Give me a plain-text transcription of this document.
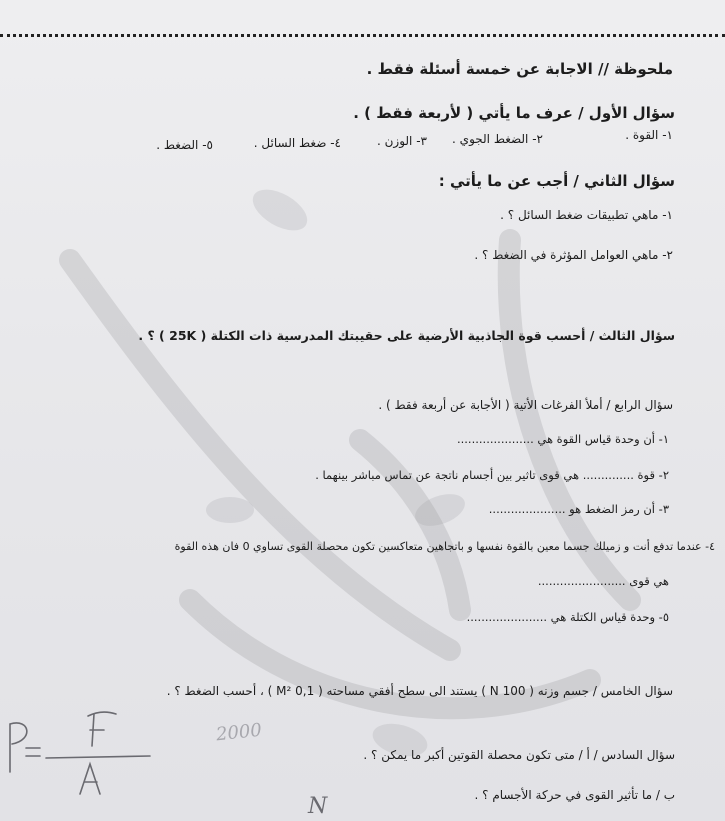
ملحوظة // الاجابة عن خمسة أسئلة فقط .
سؤال الأول / عرف ما يأتي ( لأربعة فقط ) .
١- القوة .
٢- الضغط الجوي .
٣- الوزن .
٤- ضغط السائل .
٥- الضغط .
سؤال الثاني / أجب عن ما يأتي :
١- ماهي تطبيقات ضغط السائل ؟ .
٢- ماهي العوامل المؤثرة في الضغط ؟ .
سؤال الثالث / أحسب قوة الجاذبية الأرضية على حقيبتك المدرسية ذات الكتلة ( 25K ) ؟ .
سؤال الرابع / أملأ الفرغات الأتية ( الأجابة عن أربعة فقط ) .
١- أن وحدة قياس القوة هي .....................
٢- قوة .............. هي قوى تاثير بين أجسام ناتجة عن تماس مباشر بينهما .
٣- أن رمز الضغط هو .....................
٤- عندما تدفع أنت و زميلك جسما معين بالقوة نفسها و باتجاهين متعاكسين تكون محصلة القوى تساوي 0 فان هذه القوة
هي قوى ........................
٥- وحدة قياس الكتلة هي ......................
سؤال الخامس / جسم وزنه ( 100 N ) يستند الى سطح أفقي مساحته ( 0,1 M² ) ، أحسب الضغط ؟ .
سؤال السادس / أ / متى تكون محصلة القوتين أكبر ما يمكن ؟ .
ب / ما تأثير القوى في حركة الأجسام ؟ .
2000
N
